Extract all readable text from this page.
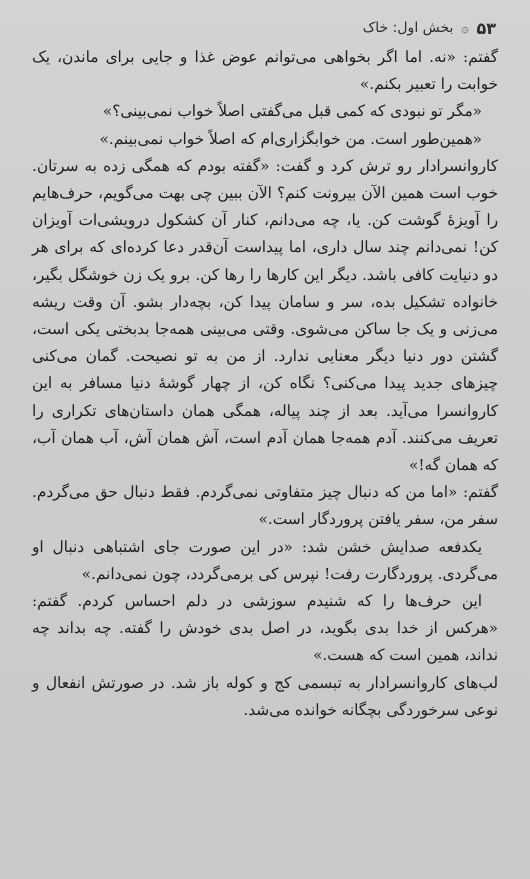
۵۳
۞
بخش اول: خاک

گفتم: «نه. اما اگر بخواهی می‌توانم عوض غذا و جایی برای ماندن، یک خوابت را تعبیر بکنم.»

«مگر تو نبودی که کمی قبل می‌گفتی اصلاً خواب نمی‌بینی؟»

«همین‌طور است. من خوابگزاری‌ام که اصلاً خواب نمی‌بینم.»

کاروانسرادار رو ترش کرد و گفت: «گفته بودم که همگی زده به سرتان. خوب است همین الآن بیرونت کنم؟ الآن ببین چی بهت می‌گویم، حرف‌هایم را آویزهٔ گوشت کن. یا، چه می‌دانم، کنار آن کشکول درویشی‌ات آویزان کن! نمی‌دانم چند سال داری، اما پیداست آن‌قدر دعا کرده‌ای که برای هر دو دنیایت کافی باشد. دیگر این کارها را رها کن. برو یک زن خوشگل بگیر، خانواده تشکیل بده، سر و سامان پیدا کن، بچه‌دار بشو. آن وقت ریشه می‌زنی و یک جا ساکن می‌شوی. وقتی می‌بینی همه‌جا بدبختی یکی است، گشتن دور دنیا دیگر معنایی ندارد. از من به تو نصیحت. گمان می‌کنی چیزهای جدید پیدا می‌کنی؟ نگاه کن، از چهار گوشهٔ دنیا مسافر به این کاروانسرا می‌آید. بعد از چند پیاله، همگی همان داستان‌های تکراری را تعریف می‌کنند. آدم همه‌جا همان آدم است، آش همان آش، آب همان آب، که همان گه!»

گفتم: «اما من که دنبال چیز متفاوتی نمی‌گردم. فقط دنبال حق می‌گردم. سفر من، سفر یافتن پروردگار است.»

یکدفعه صدایش خشن شد: «در این صورت جای اشتباهی دنبال او می‌گردی. پروردگارت رفت! نپرس کی برمی‌گردد، چون نمی‌دانم.»

این حرف‌ها را که شنیدم سوزشی در دلم احساس کردم. گفتم: «هرکس از خدا بدی بگوید، در اصل بدی خودش را گفته. چه بداند چه نداند، همین است که هست.»

لب‌های کاروانسرادار به تبسمی کج و کوله باز شد. در صورتش انفعال و نوعی سرخوردگی بچگانه خوانده می‌شد.
